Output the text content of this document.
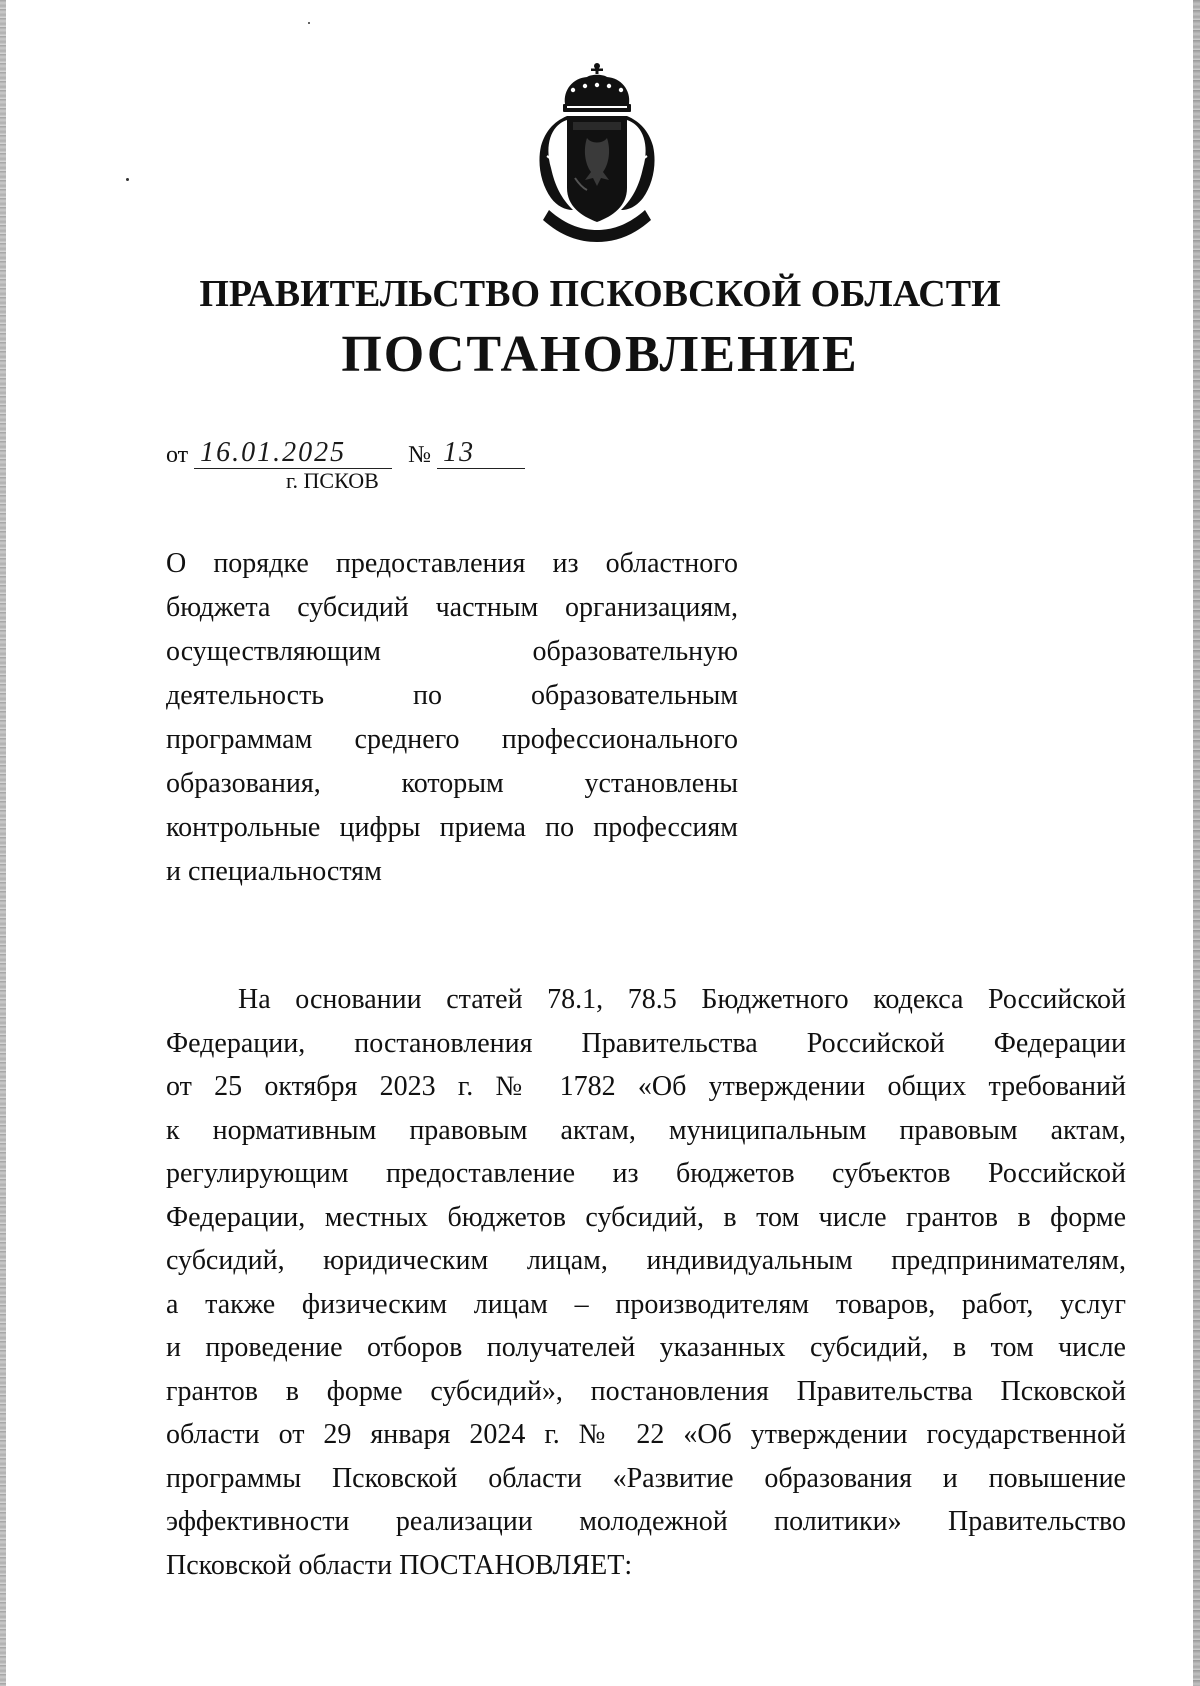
ПРАВИТЕЛЬСТВО ПСКОВСКОЙ ОБЛАСТИ
ПОСТАНОВЛЕНИЕ
от 16.01.2025	№ 13
г. ПСКОВ
О порядке предоставления из областного
бюджета субсидий частным организациям,
осуществляющим образовательную
деятельность по образовательным
программам среднего профессионального
образования, которым установлены
контрольные цифры приема по профессиям
и специальностям
На основании статей 78.1, 78.5 Бюджетного кодекса Российской
Федерации, постановления Правительства Российской Федерации
от 25 октября 2023 г. № 1782 «Об утверждении общих требований
к нормативным правовым актам, муниципальным правовым актам,
регулирующим предоставление из бюджетов субъектов Российской
Федерации, местных бюджетов субсидий, в том числе грантов в форме
субсидий, юридическим лицам, индивидуальным предпринимателям,
а также физическим лицам – производителям товаров, работ, услуг
и проведение отборов получателей указанных субсидий, в том числе
грантов в форме субсидий», постановления Правительства Псковской
области от 29 января 2024 г. № 22 «Об утверждении государственной
программы Псковской области «Развитие образования и повышение
эффективности реализации молодежной политики» Правительство
Псковской области ПОСТАНОВЛЯЕТ:
